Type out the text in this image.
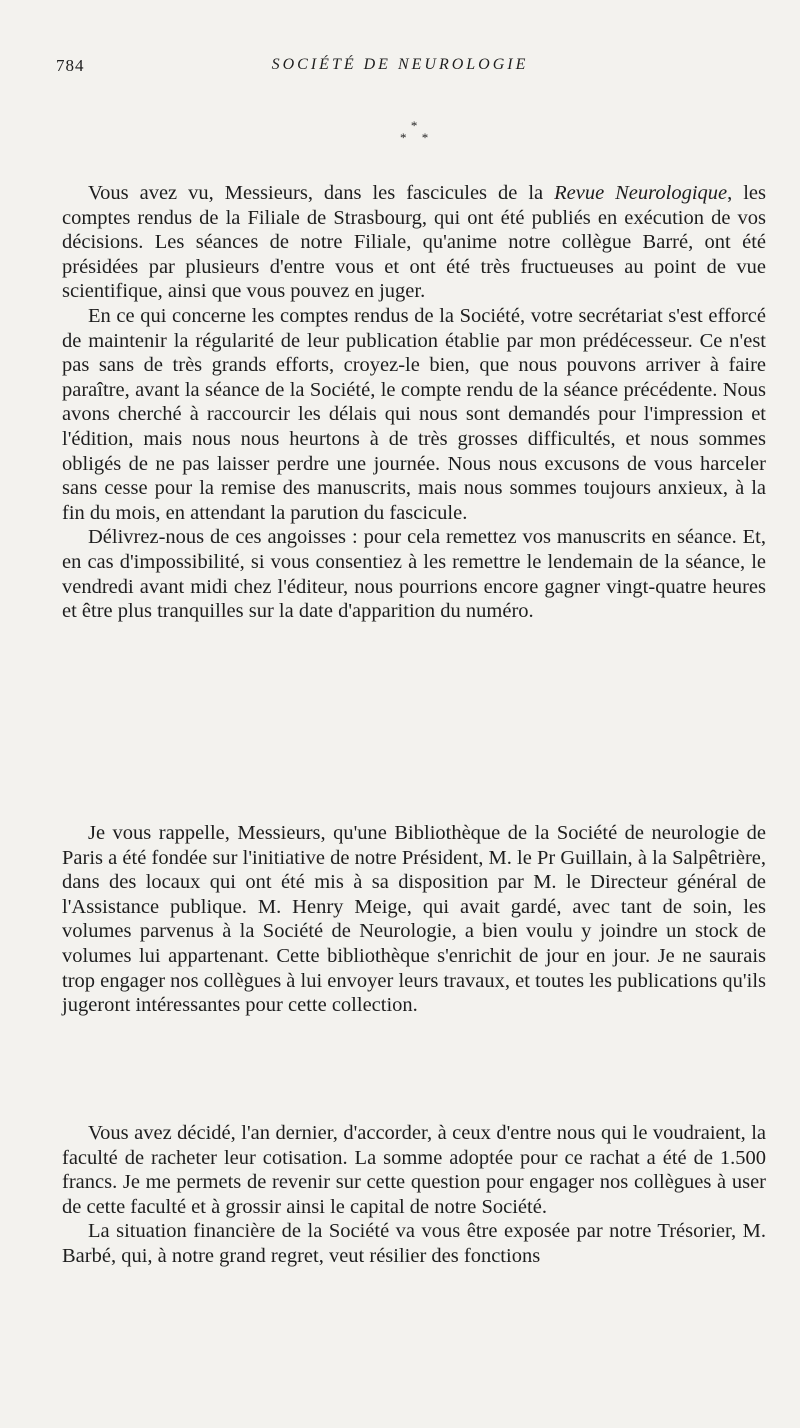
784	SOCIÉTÉ DE NEUROLOGIE
*
* *

Vous avez vu, Messieurs, dans les fascicules de la Revue Neurologique, les comptes rendus de la Filiale de Strasbourg, qui ont été publiés en exécution de vos décisions. Les séances de notre Filiale, qu'anime notre collègue Barré, ont été présidées par plusieurs d'entre vous et ont été très fructueuses au point de vue scientifique, ainsi que vous pouvez en juger.

En ce qui concerne les comptes rendus de la Société, votre secrétariat s'est efforcé de maintenir la régularité de leur publication établie par mon prédécesseur. Ce n'est pas sans de très grands efforts, croyez-le bien, que nous pouvons arriver à faire paraître, avant la séance de la Société, le compte rendu de la séance précédente. Nous avons cherché à raccourcir les délais qui nous sont demandés pour l'impression et l'édition, mais nous nous heurtons à de très grosses difficultés, et nous sommes obligés de ne pas laisser perdre une journée. Nous nous excusons de vous harceler sans cesse pour la remise des manuscrits, mais nous sommes toujours anxieux, à la fin du mois, en attendant la parution du fascicule.

Délivrez-nous de ces angoisses : pour cela remettez vos manuscrits en séance. Et, en cas d'impossibilité, si vous consentiez à les remettre le lendemain de la séance, le vendredi avant midi chez l'éditeur, nous pourrions encore gagner vingt-quatre heures et être plus tranquilles sur la date d'apparition du numéro.

Je vous rappelle, Messieurs, qu'une Bibliothèque de la Société de neurologie de Paris a été fondée sur l'initiative de notre Président, M. le Pr Guillain, à la Salpêtrière, dans des locaux qui ont été mis à sa disposition par M. le Directeur général de l'Assistance publique. M. Henry Meige, qui avait gardé, avec tant de soin, les volumes parvenus à la Société de Neurologie, a bien voulu y joindre un stock de volumes lui appartenant. Cette bibliothèque s'enrichit de jour en jour. Je ne saurais trop engager nos collègues à lui envoyer leurs travaux, et toutes les publications qu'ils jugeront intéressantes pour cette collection.

Vous avez décidé, l'an dernier, d'accorder, à ceux d'entre nous qui le voudraient, la faculté de racheter leur cotisation. La somme adoptée pour ce rachat a été de 1.500 francs. Je me permets de revenir sur cette question pour engager nos collègues à user de cette faculté et à grossir ainsi le capital de notre Société.

La situation financière de la Société va vous être exposée par notre Trésorier, M. Barbé, qui, à notre grand regret, veut résilier des fonctions
